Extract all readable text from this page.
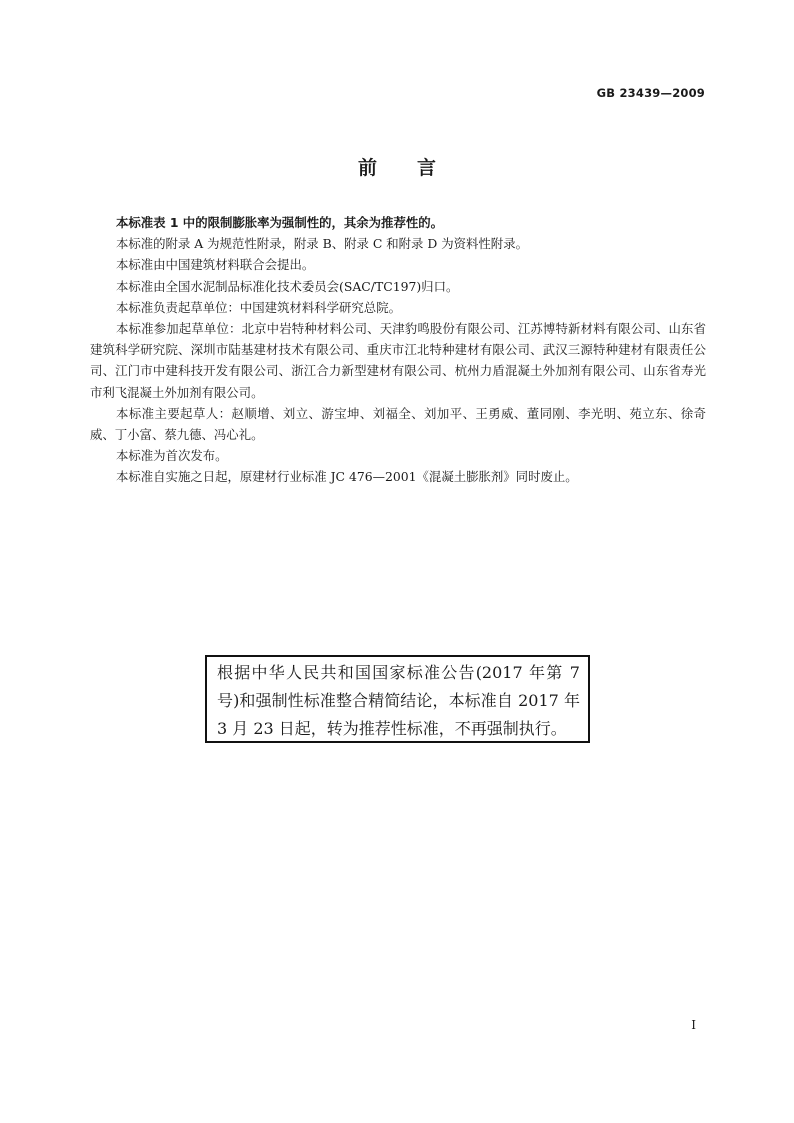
GB 23439—2009
前 言

本标准表 1 中的限制膨胀率为强制性的，其余为推荐性的。

本标准的附录 A 为规范性附录，附录 B、附录 C 和附录 D 为资料性附录。

本标准由中国建筑材料联合会提出。

本标准由全国水泥制品标准化技术委员会(SAC/TC197)归口。

本标准负责起草单位：中国建筑材料科学研究总院。

本标准参加起草单位：北京中岩特种材料公司、天津豹鸣股份有限公司、江苏博特新材料有限公司、山东省建筑科学研究院、深圳市陆基建材技术有限公司、重庆市江北特种建材有限公司、武汉三源特种建材有限责任公司、江门市中建科技开发有限公司、浙江合力新型建材有限公司、杭州力盾混凝土外加剂有限公司、山东省寿光市利飞混凝土外加剂有限公司。

本标准主要起草人：赵顺增、刘立、游宝坤、刘福全、刘加平、王勇威、董同刚、李光明、苑立东、徐奇威、丁小富、蔡九德、冯心礼。

本标准为首次发布。

本标准自实施之日起，原建材行业标准 JC 476—2001《混凝土膨胀剂》同时废止。

根据中华人民共和国国家标准公告(2017 年第 7 号)和强制性标准整合精简结论，本标准自 2017 年 3 月 23 日起，转为推荐性标准，不再强制执行。
I
